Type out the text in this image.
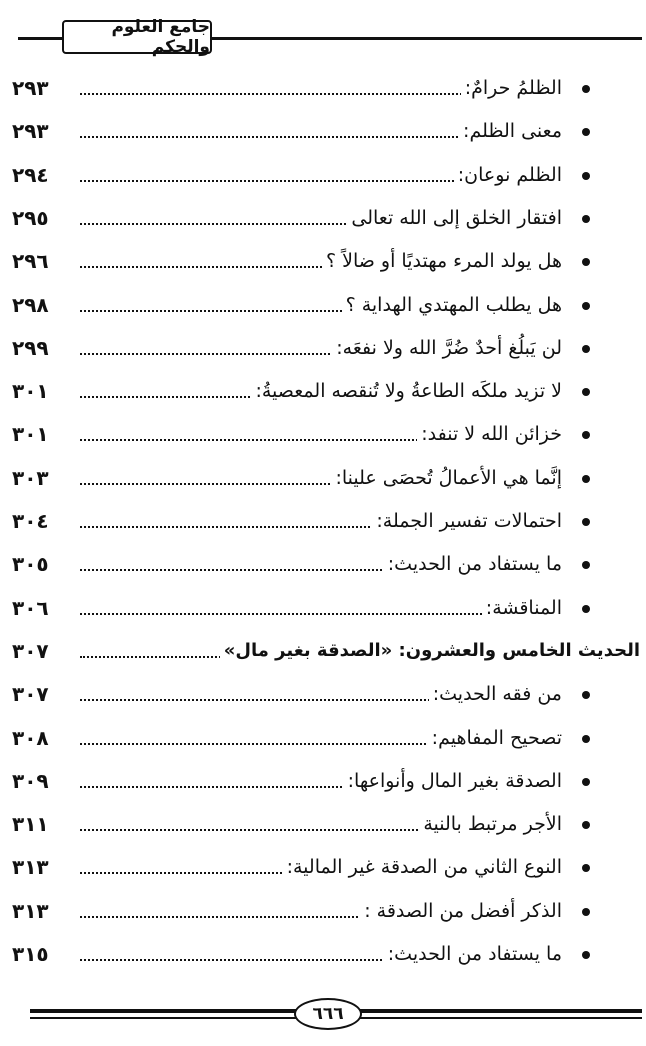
جامع العلوم والحكم
الظلمُ حرامٌ:
٢٩٣
معنى الظلم:
٢٩٣
الظلم نوعان:
٢٩٤
افتقار الخلق إلى الله تعالى
٢٩٥
هل يولد المرء مهتديًا أو ضالاً ؟
٢٩٦
هل يطلب المهتدي الهداية ؟
٢٩٨
لن يَبلُغ أحدٌ ضُرَّ الله ولا نفعَه:
٢٩٩
لا تزيد ملكَه الطاعةُ ولا تُنقصه المعصيةُ:
٣٠١
خزائن الله لا تنفد:
٣٠١
إنَّما هي الأعمالُ تُحصَى علينا:
٣٠٣
احتمالات تفسير الجملة:
٣٠٤
ما يستفاد من الحديث:
٣٠٥
المناقشة:
٣٠٦
الحديث الخامس والعشرون: «الصدقة بغير مال»
٣٠٧
من فقه الحديث:
٣٠٧
تصحيح المفاهيم:
٣٠٨
الصدقة بغير المال وأنواعها:
٣٠٩
الأجر مرتبط بالنية
٣١١
النوع الثاني من الصدقة غير المالية:
٣١٣
الذكر أفضل من الصدقة :
٣١٣
ما يستفاد من الحديث:
٣١٥
٦٦٦
